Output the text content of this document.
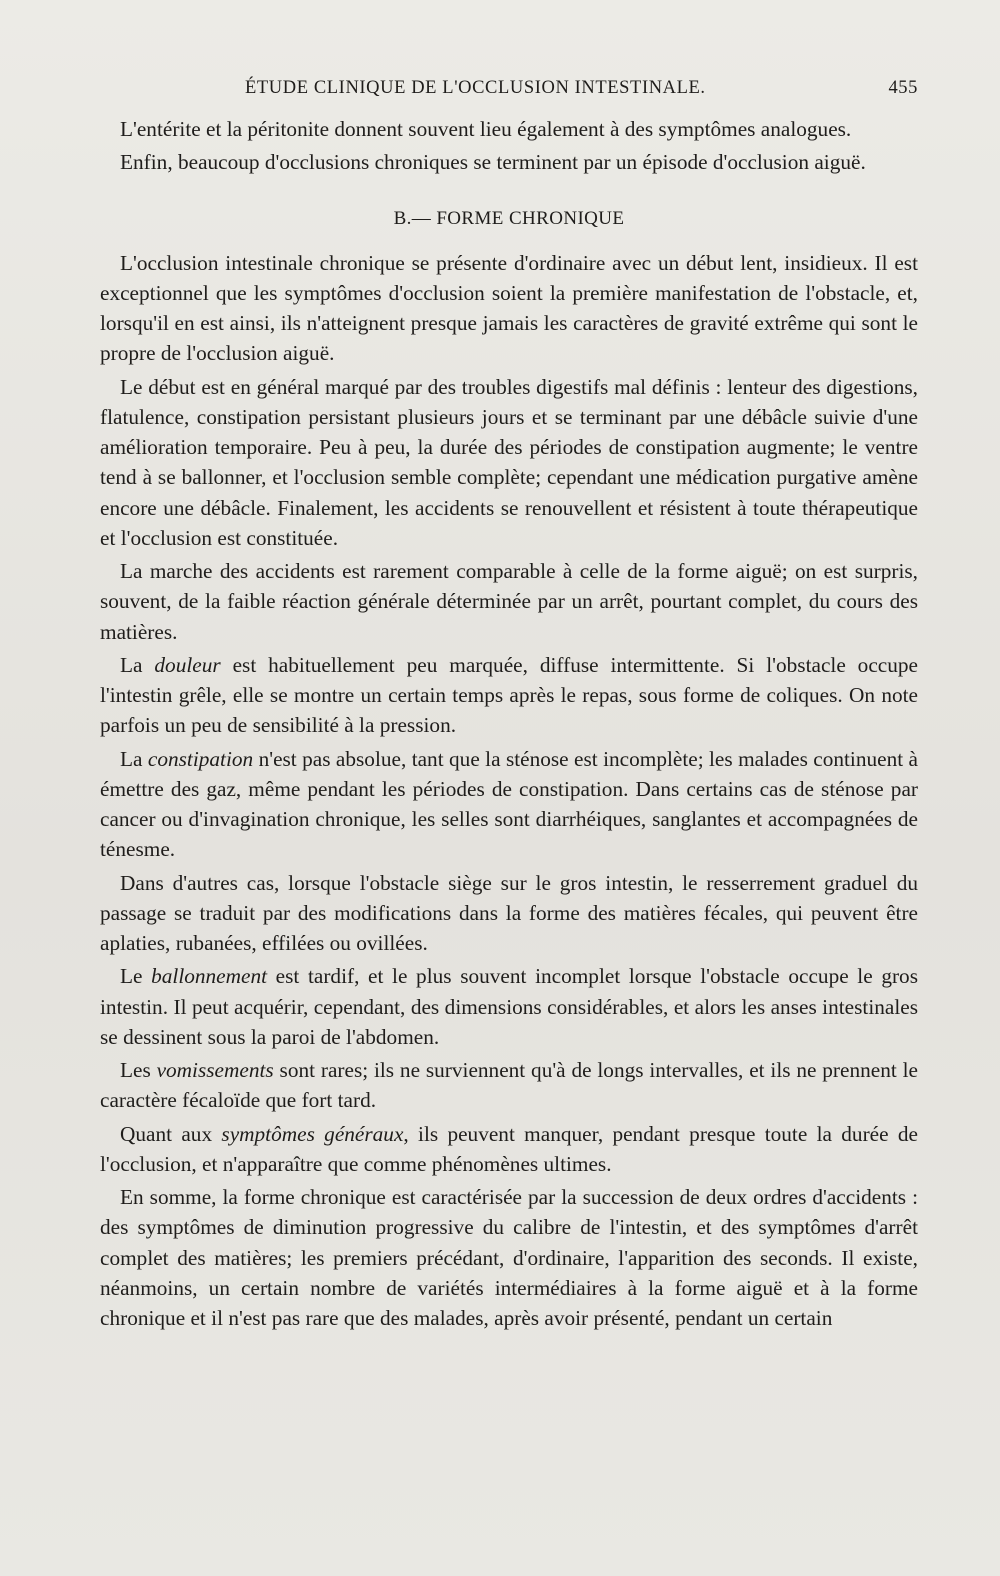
ÉTUDE CLINIQUE DE L'OCCLUSION INTESTINALE.	455

L'entérite et la péritonite donnent souvent lieu également à des symptômes analogues.

Enfin, beaucoup d'occlusions chroniques se terminent par un épisode d'occlusion aiguë.

B.— FORME CHRONIQUE

L'occlusion intestinale chronique se présente d'ordinaire avec un début lent, insidieux. Il est exceptionnel que les symptômes d'occlusion soient la première manifestation de l'obstacle, et, lorsqu'il en est ainsi, ils n'atteignent presque jamais les caractères de gravité extrême qui sont le propre de l'occlusion aiguë.

Le début est en général marqué par des troubles digestifs mal définis : lenteur des digestions, flatulence, constipation persistant plusieurs jours et se terminant par une débâcle suivie d'une amélioration temporaire. Peu à peu, la durée des périodes de constipation augmente; le ventre tend à se ballonner, et l'occlusion semble complète; cependant une médication purgative amène encore une débâcle. Finalement, les accidents se renouvellent et résistent à toute thérapeutique et l'occlusion est constituée.

La marche des accidents est rarement comparable à celle de la forme aiguë; on est surpris, souvent, de la faible réaction générale déterminée par un arrêt, pourtant complet, du cours des matières.

La douleur est habituellement peu marquée, diffuse intermittente. Si l'obstacle occupe l'intestin grêle, elle se montre un certain temps après le repas, sous forme de coliques. On note parfois un peu de sensibilité à la pression.

La constipation n'est pas absolue, tant que la sténose est incomplète; les malades continuent à émettre des gaz, même pendant les périodes de constipation. Dans certains cas de sténose par cancer ou d'invagination chronique, les selles sont diarrhéiques, sanglantes et accompagnées de ténesme.

Dans d'autres cas, lorsque l'obstacle siège sur le gros intestin, le resserrement graduel du passage se traduit par des modifications dans la forme des matières fécales, qui peuvent être aplaties, rubanées, effilées ou ovillées.

Le ballonnement est tardif, et le plus souvent incomplet lorsque l'obstacle occupe le gros intestin. Il peut acquérir, cependant, des dimensions considérables, et alors les anses intestinales se dessinent sous la paroi de l'abdomen.

Les vomissements sont rares; ils ne surviennent qu'à de longs intervalles, et ils ne prennent le caractère fécaloïde que fort tard.

Quant aux symptômes généraux, ils peuvent manquer, pendant presque toute la durée de l'occlusion, et n'apparaître que comme phénomènes ultimes.

En somme, la forme chronique est caractérisée par la succession de deux ordres d'accidents : des symptômes de diminution progressive du calibre de l'intestin, et des symptômes d'arrêt complet des matières; les premiers précédant, d'ordinaire, l'apparition des seconds. Il existe, néanmoins, un certain nombre de variétés intermédiaires à la forme aiguë et à la forme chronique et il n'est pas rare que des malades, après avoir présenté, pendant un certain
